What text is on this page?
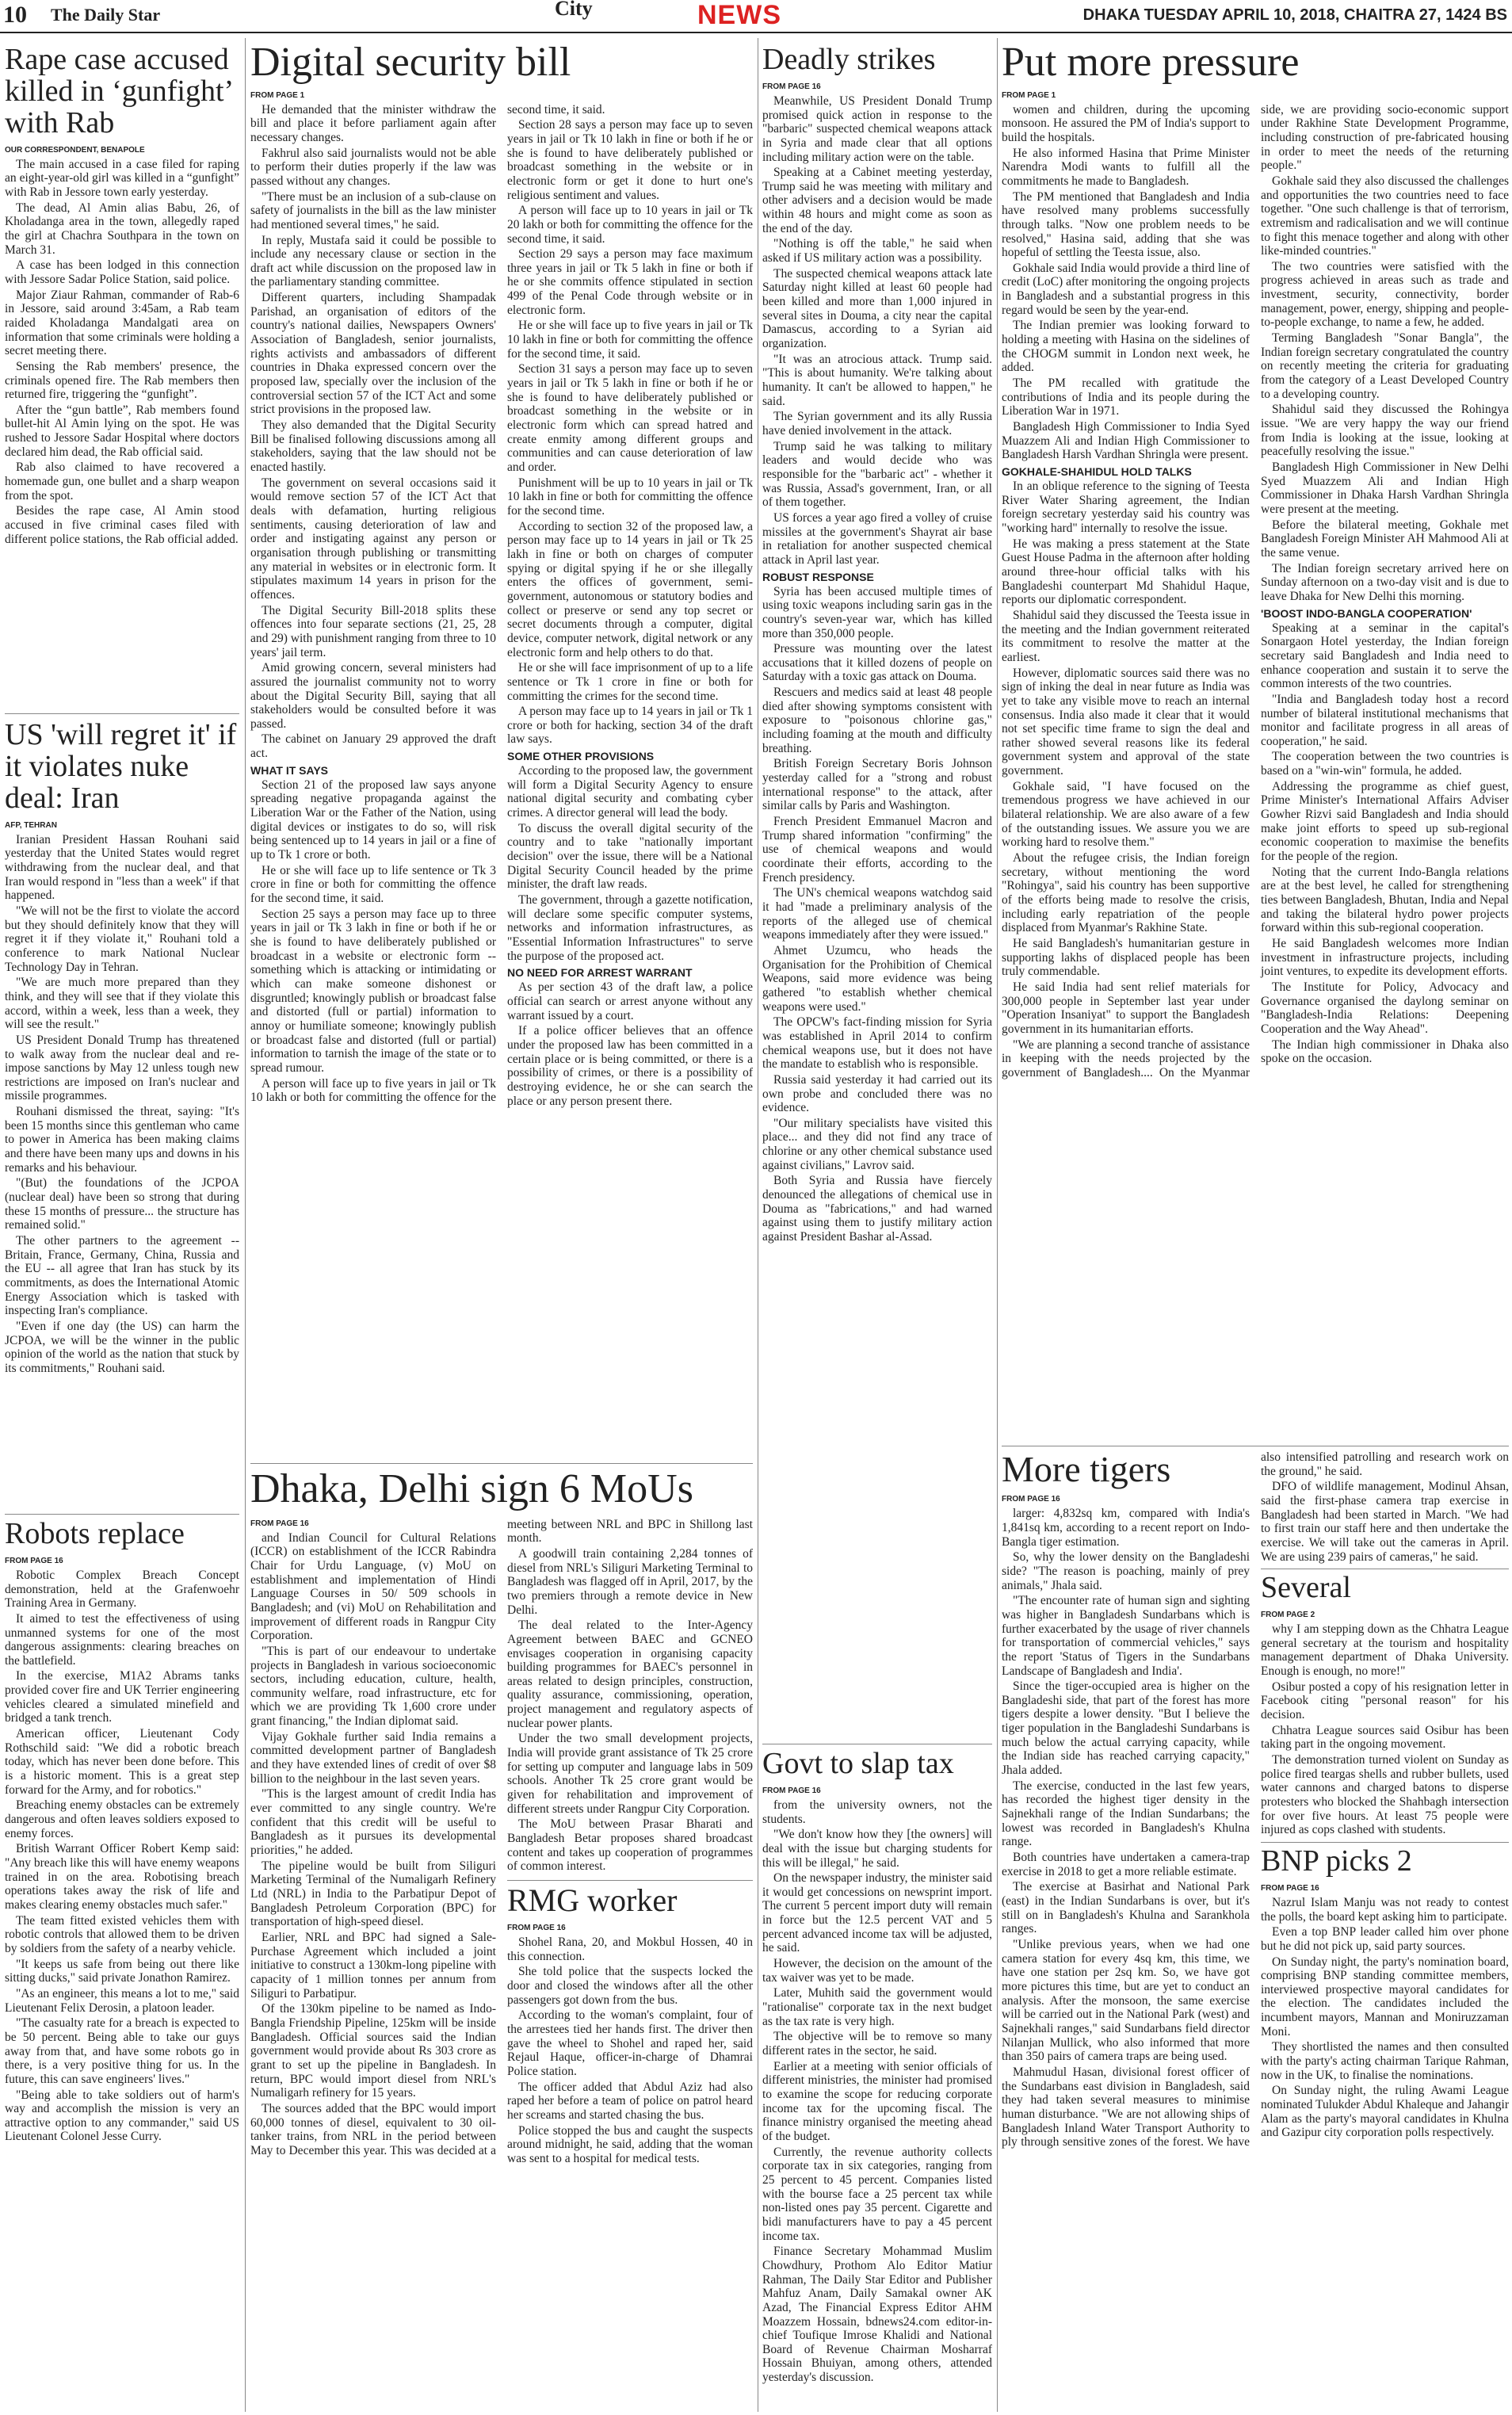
10 The Daily Star	City	NEWS	DHAKA TUESDAY APRIL 10, 2018, CHAITRA 27, 1424 BS
Rape case accused killed in ‘gunfight’ with Rab
OUR CORRESPONDENT, BENAPOLE

The main accused in a case filed for raping an eight-year-old girl was killed in a “gunfight” with Rab in Jessore town early yesterday.

The dead, Al Amin alias Babu, 26, of Kholadanga area in the town, allegedly raped the girl at Chachra Southpara in the town on March 31.

A case has been lodged in this connection with Jessore Sadar Police Station, said police.

Major Ziaur Rahman, commander of Rab-6 in Jessore, said around 3:45am, a Rab team raided Kholadanga Mandalgati area on information that some criminals were holding a secret meeting there.

Sensing the Rab members' presence, the criminals opened fire. The Rab members then returned fire, triggering the “gunfight”.

After the “gun battle”, Rab members found bullet-hit Al Amin lying on the spot. He was rushed to Jessore Sadar Hospital where doctors declared him dead, the Rab official said.

Rab also claimed to have recovered a homemade gun, one bullet and a sharp weapon from the spot.

Besides the rape case, Al Amin stood accused in five criminal cases filed with different police stations, the Rab official added.

US 'will regret it' if it violates nuke deal: Iran
AFP, TEHRAN

Iranian President Hassan Rouhani said yesterday that the United States would regret withdrawing from the nuclear deal, and that Iran would respond in "less than a week" if that happened.

"We will not be the first to violate the accord but they should definitely know that they will regret it if they violate it," Rouhani told a conference to mark National Nuclear Technology Day in Tehran.

"We are much more prepared than they think, and they will see that if they violate this accord, within a week, less than a week, they will see the result."

US President Donald Trump has threatened to walk away from the nuclear deal and re-impose sanctions by May 12 unless tough new restrictions are imposed on Iran's nuclear and missile programmes.

Rouhani dismissed the threat, saying: "It's been 15 months since this gentleman who came to power in America has been making claims and there have been many ups and downs in his remarks and his behaviour.

"(But) the foundations of the JCPOA (nuclear deal) have been so strong that during these 15 months of pressure... the structure has remained solid."

The other partners to the agreement -- Britain, France, Germany, China, Russia and the EU -- all agree that Iran has stuck by its commitments, as does the International Atomic Energy Association which is tasked with inspecting Iran's compliance.

"Even if one day (the US) can harm the JCPOA, we will be the winner in the public opinion of the world as the nation that stuck by its commitments," Rouhani said.

Robots replace
FROM PAGE 16

Robotic Complex Breach Concept demonstration, held at the Grafenwoehr Training Area in Germany.

It aimed to test the effectiveness of using unmanned systems for one of the most dangerous assignments: clearing breaches on the battlefield.

In the exercise, M1A2 Abrams tanks provided cover fire and UK Terrier engineering vehicles cleared a simulated minefield and bridged a tank trench.

American officer, Lieutenant Cody Rothschild said: "We did a robotic breach today, which has never been done before. This is a historic moment. This is a great step forward for the Army, and for robotics."

Breaching enemy obstacles can be extremely dangerous and often leaves soldiers exposed to enemy forces.

British Warrant Officer Robert Kemp said: "Any breach like this will have enemy weapons trained in on the area. Robotising breach operations takes away the risk of life and makes clearing enemy obstacles much safer."

The team fitted existed vehicles them with robotic controls that allowed them to be driven by soldiers from the safety of a nearby vehicle.

"It keeps us safe from being out there like sitting ducks," said private Jonathon Ramirez.

"As an engineer, this means a lot to me," said Lieutenant Felix Derosin, a platoon leader.

"The casualty rate for a breach is expected to be 50 percent. Being able to take our guys away from that, and have some robots go in there, is a very positive thing for us. In the future, this can save engineers' lives."

"Being able to take soldiers out of harm's way and accomplish the mission is very an attractive option to any commander," said US Lieutenant Colonel Jesse Curry.

Digital security bill
FROM PAGE 1

He demanded that the minister withdraw the bill and place it before parliament again after necessary changes.

Fakhrul also said journalists would not be able to perform their duties properly if the law was passed without any changes.

"There must be an inclusion of a sub-clause on safety of journalists in the bill as the law minister had mentioned several times," he said.

In reply, Mustafa said it could be possible to include any necessary clause or section in the draft act while discussion on the proposed law in the parliamentary standing committee.

Different quarters, including Shampadak Parishad, an organisation of editors of the country's national dailies, Newspapers Owners' Association of Bangladesh, senior journalists, rights activists and ambassadors of different countries in Dhaka expressed concern over the proposed law, specially over the inclusion of the controversial section 57 of the ICT Act and some strict provisions in the proposed law.

They also demanded that the Digital Security Bill be finalised following discussions among all stakeholders, saying that the law should not be enacted hastily.

The government on several occasions said it would remove section 57 of the ICT Act that deals with defamation, hurting religious sentiments, causing deterioration of law and order and instigating against any person or organisation through publishing or transmitting any material in websites or in electronic form. It stipulates maximum 14 years in prison for the offences.

The Digital Security Bill-2018 splits these offences into four separate sections (21, 25, 28 and 29) with punishment ranging from three to 10 years' jail term.

Amid growing concern, several ministers had assured the journalist community not to worry about the Digital Security Bill, saying that all stakeholders would be consulted before it was passed.

The cabinet on January 29 approved the draft act.

WHAT IT SAYS

Section 21 of the proposed law says anyone spreading negative propaganda against the Liberation War or the Father of the Nation, using digital devices or instigates to do so, will risk being sentenced up to 14 years in jail or a fine of up to Tk 1 crore or both.

He or she will face up to life sentence or Tk 3 crore in fine or both for committing the offence for the second time, it said.

Section 25 says a person may face up to three years in jail or Tk 3 lakh in fine or both if he or she is found to have deliberately published or broadcast in a website or electronic form -- something which is attacking or intimidating or which can make someone dishonest or disgruntled; knowingly publish or broadcast false and distorted (full or partial) information to annoy or humiliate someone; knowingly publish or broadcast false and distorted (full or partial) information to tarnish the image of the state or to spread rumour.

A person will face up to five years in jail or Tk 10 lakh or both for committing the offence for the second time, it said.

Section 28 says a person may face up to seven years in jail or Tk 10 lakh in fine or both if he or she is found to have deliberately published or broadcast something in the website or in electronic form or get it done to hurt one's religious sentiment and values.

A person will face up to 10 years in jail or Tk 20 lakh or both for committing the offence for the second time, it said.

Section 29 says a person may face maximum three years in jail or Tk 5 lakh in fine or both if he or she commits offence stipulated in section 499 of the Penal Code through website or in electronic form.

He or she will face up to five years in jail or Tk 10 lakh in fine or both for committing the offence for the second time, it said.

Section 31 says a person may face up to seven years in jail or Tk 5 lakh in fine or both if he or she is found to have deliberately published or broadcast something in the website or in electronic form which can spread hatred and create enmity among different groups and communities and can cause deterioration of law and order.

Punishment will be up to 10 years in jail or Tk 10 lakh in fine or both for committing the offence for the second time.

According to section 32 of the proposed law, a person may face up to 14 years in jail or Tk 25 lakh in fine or both on charges of computer spying or digital spying if he or she illegally enters the offices of government, semi-government, autonomous or statutory bodies and collect or preserve or send any top secret or secret documents through a computer, digital device, computer network, digital network or any electronic form and help others to do that.

He or she will face imprisonment of up to a life sentence or Tk 1 crore in fine or both for committing the crimes for the second time.

A person may face up to 14 years in jail or Tk 1 crore or both for hacking, section 34 of the draft law says.

SOME OTHER PROVISIONS

According to the proposed law, the government will form a Digital Security Agency to ensure national digital security and combating cyber crimes. A director general will lead the body.

To discuss the overall digital security of the country and to take "nationally important decision" over the issue, there will be a National Digital Security Council headed by the prime minister, the draft law reads.

The government, through a gazette notification, will declare some specific computer systems, networks and information infrastructures, as "Essential Information Infrastructures" to serve the purpose of the proposed act.

NO NEED FOR ARREST WARRANT

As per section 43 of the draft law, a police official can search or arrest anyone without any warrant issued by a court.

If a police officer believes that an offence under the proposed law has been committed in a certain place or is being committed, or there is a possibility of crimes, or there is a possibility of destroying evidence, he or she can search the place or any person present there.

Dhaka, Delhi sign 6 MoUs
FROM PAGE 16

and Indian Council for Cultural Relations (ICCR) on establishment of the ICCR Rabindra Chair for Urdu Language, (v) MoU on establishment and implementation of Hindi Language Courses in 50/ 509 schools in Bangladesh; and (vi) MoU on Rehabilitation and improvement of different roads in Rangpur City Corporation.

"This is part of our endeavour to undertake projects in Bangladesh in various socioeconomic sectors, including education, culture, health, community welfare, road infrastructure, etc for which we are providing Tk 1,600 crore under grant financing," the Indian diplomat said.

Vijay Gokhale further said India remains a committed development partner of Bangladesh and they have extended lines of credit of over $8 billion to the neighbour in the last seven years.

"This is the largest amount of credit India has ever committed to any single country. We're confident that this credit will be useful to Bangladesh as it pursues its developmental priorities," he added.

The pipeline would be built from Siliguri Marketing Terminal of the Numaligarh Refinery Ltd (NRL) in India to the Parbatipur Depot of Bangladesh Petroleum Corporation (BPC) for transportation of high-speed diesel.

Earlier, NRL and BPC had signed a Sale-Purchase Agreement which included a joint initiative to construct a 130km-long pipeline with capacity of 1 million tonnes per annum from Siliguri to Parbatipur.

Of the 130km pipeline to be named as Indo-Bangla Friendship Pipeline, 125km will be inside Bangladesh. Official sources said the Indian government would provide about Rs 303 crore as grant to set up the pipeline in Bangladesh. In return, BPC would import diesel from NRL's Numaligarh refinery for 15 years.

The sources added that the BPC would import 60,000 tonnes of diesel, equivalent to 30 oil-tanker trains, from NRL in the period between May to December this year. This was decided at a meeting between NRL and BPC in Shillong last month.

A goodwill train containing 2,284 tonnes of diesel from NRL's Siliguri Marketing Terminal to Bangladesh was flagged off in April, 2017, by the two premiers through a remote device in New Delhi.

The deal related to the Inter-Agency Agreement between BAEC and GCNEO envisages cooperation in organising capacity building programmes for BAEC's personnel in areas related to design principles, construction, quality assurance, commissioning, operation, project management and regulatory aspects of nuclear power plants.

Under the two small development projects, India will provide grant assistance of Tk 25 crore for setting up computer and language labs in 509 schools. Another Tk 25 crore grant would be given for rehabilitation and improvement of different streets under Rangpur City Corporation.

The MoU between Prasar Bharati and Bangladesh Betar proposes shared broadcast content and takes up cooperation of programmes of common interest.

RMG worker
FROM PAGE 16

Shohel Rana, 20, and Mokbul Hossen, 40 in this connection.

She told police that the suspects locked the door and closed the windows after all the other passengers got down from the bus.

According to the woman's complaint, four of the arrestees tied her hands first. The driver then gave the wheel to Shohel and raped her, said Rejaul Haque, officer-in-charge of Dhamrai Police station.

The officer added that Abdul Aziz had also raped her before a team of police on patrol heard her screams and started chasing the bus.

Police stopped the bus and caught the suspects around midnight, he said, adding that the woman was sent to a hospital for medical tests.

Deadly strikes
FROM PAGE 16

Meanwhile, US President Donald Trump promised quick action in response to the "barbaric" suspected chemical weapons attack in Syria and made clear that all options including military action were on the table.

Speaking at a Cabinet meeting yesterday, Trump said he was meeting with military and other advisers and a decision would be made within 48 hours and might come as soon as the end of the day.

"Nothing is off the table," he said when asked if US military action was a possibility.

The suspected chemical weapons attack late Saturday night killed at least 60 people had been killed and more than 1,000 injured in several sites in Douma, a city near the capital Damascus, according to a Syrian aid organization.

"It was an atrocious attack. Trump said. "This is about humanity. We're talking about humanity. It can't be allowed to happen," he said.

The Syrian government and its ally Russia have denied involvement in the attack.

Trump said he was talking to military leaders and would decide who was responsible for the "barbaric act" - whether it was Russia, Assad's government, Iran, or all of them together.

US forces a year ago fired a volley of cruise missiles at the government's Shayrat air base in retaliation for another suspected chemical attack in April last year.

ROBUST RESPONSE

Syria has been accused multiple times of using toxic weapons including sarin gas in the country's seven-year war, which has killed more than 350,000 people.

Pressure was mounting over the latest accusations that it killed dozens of people on Saturday with a toxic gas attack on Douma.

Rescuers and medics said at least 48 people died after showing symptoms consistent with exposure to "poisonous chlorine gas," including foaming at the mouth and difficulty breathing.

British Foreign Secretary Boris Johnson yesterday called for a "strong and robust international response" to the attack, after similar calls by Paris and Washington.

French President Emmanuel Macron and Trump shared information "confirming" the use of chemical weapons and would coordinate their efforts, according to the French presidency.

The UN's chemical weapons watchdog said it had "made a preliminary analysis of the reports of the alleged use of chemical weapons immediately after they were issued."

Ahmet Uzumcu, who heads the Organisation for the Prohibition of Chemical Weapons, said more evidence was being gathered "to establish whether chemical weapons were used."

The OPCW's fact-finding mission for Syria was established in April 2014 to confirm chemical weapons use, but it does not have the mandate to establish who is responsible.

Russia said yesterday it had carried out its own probe and concluded there was no evidence.

"Our military specialists have visited this place... and they did not find any trace of chlorine or any other chemical substance used against civilians," Lavrov said.

Both Syria and Russia have fiercely denounced the allegations of chemical use in Douma as "fabrications," and had warned against using them to justify military action against President Bashar al-Assad.

Govt to slap tax
FROM PAGE 16

from the university owners, not the students.

"We don't know how they [the owners] will deal with the issue but charging students for this will be illegal," he said.

On the newspaper industry, the minister said it would get concessions on newsprint import. The current 5 percent import duty will remain in force but the 12.5 percent VAT and 5 percent advanced income tax will be adjusted, he said.

However, the decision on the amount of the tax waiver was yet to be made.

Later, Muhith said the government would "rationalise" corporate tax in the next budget as the tax rate is very high.

The objective will be to remove so many different rates in the sector, he said.

Earlier at a meeting with senior officials of different ministries, the minister had promised to examine the scope for reducing corporate income tax for the upcoming fiscal. The finance ministry organised the meeting ahead of the budget.

Currently, the revenue authority collects corporate tax in six categories, ranging from 25 percent to 45 percent. Companies listed with the bourse face a 25 percent tax while non-listed ones pay 35 percent. Cigarette and bidi manufacturers have to pay a 45 percent income tax.

Finance Secretary Mohammad Muslim Chowdhury, Prothom Alo Editor Matiur Rahman, The Daily Star Editor and Publisher Mahfuz Anam, Daily Samakal owner AK Azad, The Financial Express Editor AHM Moazzem Hossain, bdnews24.com editor-in-chief Toufique Imrose Khalidi and National Board of Revenue Chairman Mosharraf Hossain Bhuiyan, among others, attended yesterday's discussion.

Put more pressure
FROM PAGE 1

women and children, during the upcoming monsoon. He assured the PM of India's support to build the hospitals.

He also informed Hasina that Prime Minister Narendra Modi wants to fulfill all the commitments he made to Bangladesh.

The PM mentioned that Bangladesh and India have resolved many problems successfully through talks. "Now one problem needs to be resolved," Hasina said, adding that she was hopeful of settling the Teesta issue, also.

Gokhale said India would provide a third line of credit (LoC) after monitoring the ongoing projects in Bangladesh and a substantial progress in this regard would be seen by the year-end.

The Indian premier was looking forward to holding a meeting with Hasina on the sidelines of the CHOGM summit in London next week, he added.

The PM recalled with gratitude the contributions of India and its people during the Liberation War in 1971.

Bangladesh High Commissioner to India Syed Muazzem Ali and Indian High Commissioner to Bangladesh Harsh Vardhan Shringla were present.

GOKHALE-SHAHIDUL HOLD TALKS

In an oblique reference to the signing of Teesta River Water Sharing agreement, the Indian foreign secretary yesterday said his country was "working hard" internally to resolve the issue.

He was making a press statement at the State Guest House Padma in the afternoon after holding around three-hour official talks with his Bangladeshi counterpart Md Shahidul Haque, reports our diplomatic correspondent.

Shahidul said they discussed the Teesta issue in the meeting and the Indian government reiterated its commitment to resolve the matter at the earliest.

However, diplomatic sources said there was no sign of inking the deal in near future as India was yet to take any visible move to reach an internal consensus. India also made it clear that it would not set specific time frame to sign the deal and rather showed several reasons like its federal government system and approval of the state government.

Gokhale said, "I have focused on the tremendous progress we have achieved in our bilateral relationship. We are also aware of a few of the outstanding issues. We assure you we are working hard to resolve them."

About the refugee crisis, the Indian foreign secretary, without mentioning the word "Rohingya", said his country has been supportive of the efforts being made to resolve the crisis, including early repatriation of the people displaced from Myanmar's Rakhine State.

He said Bangladesh's humanitarian gesture in supporting lakhs of displaced people has been truly commendable.

He said India had sent relief materials for 300,000 people in September last year under "Operation Insaniyat" to support the Bangladesh government in its humanitarian efforts.

"We are planning a second tranche of assistance in keeping with the needs projected by the government of Bangladesh.... On the Myanmar side, we are providing socio-economic support under Rakhine State Development Programme, including construction of pre-fabricated housing in order to meet the needs of the returning people."

Gokhale said they also discussed the challenges and opportunities the two countries need to face together. "One such challenge is that of terrorism, extremism and radicalisation and we will continue to fight this menace together and along with other like-minded countries."

The two countries were satisfied with the progress achieved in areas such as trade and investment, security, connectivity, border management, power, energy, shipping and people-to-people exchange, to name a few, he added.

Terming Bangladesh "Sonar Bangla", the Indian foreign secretary congratulated the country on recently meeting the criteria for graduating from the category of a Least Developed Country to a developing country.

Shahidul said they discussed the Rohingya issue. "We are very happy the way our friend from India is looking at the issue, looking at peacefully resolving the issue."

Bangladesh High Commissioner in New Delhi Syed Muazzem Ali and Indian High Commissioner in Dhaka Harsh Vardhan Shringla were present at the meeting.

Before the bilateral meeting, Gokhale met Bangladesh Foreign Minister AH Mahmood Ali at the same venue.

The Indian foreign secretary arrived here on Sunday afternoon on a two-day visit and is due to leave Dhaka for New Delhi this morning.

'BOOST INDO-BANGLA COOPERATION'

Speaking at a seminar in the capital's Sonargaon Hotel yesterday, the Indian foreign secretary said Bangladesh and India need to enhance cooperation and sustain it to serve the common interests of the two countries.

"India and Bangladesh today host a record number of bilateral institutional mechanisms that monitor and facilitate progress in all areas of cooperation," he said.

The cooperation between the two countries is based on a "win-win" formula, he added.

Addressing the programme as chief guest, Prime Minister's International Affairs Adviser Gowher Rizvi said Bangladesh and India should make joint efforts to speed up sub-regional economic cooperation to maximise the benefits for the people of the region.

Noting that the current Indo-Bangla relations are at the best level, he called for strengthening ties between Bangladesh, Bhutan, India and Nepal and taking the bilateral hydro power projects forward within this sub-regional cooperation.

He said Bangladesh welcomes more Indian investment in infrastructure projects, including joint ventures, to expedite its development efforts.

The Institute for Policy, Advocacy and Governance organised the daylong seminar on "Bangladesh-India Relations: Deepening Cooperation and the Way Ahead".

The Indian high commissioner in Dhaka also spoke on the occasion.

More tigers
FROM PAGE 16

larger: 4,832sq km, compared with India's 1,841sq km, according to a recent report on Indo-Bangla tiger estimation.

So, why the lower density on the Bangladeshi side? "The reason is poaching, mainly of prey animals," Jhala said.

"The encounter rate of human sign and sighting was higher in Bangladesh Sundarbans which is further exacerbated by the usage of river channels for transportation of commercial vehicles," says the report 'Status of Tigers in the Sundarbans Landscape of Bangladesh and India'.

Since the tiger-occupied area is higher on the Bangladeshi side, that part of the forest has more tigers despite a lower density. "But I believe the tiger population in the Bangladeshi Sundarbans is much below the actual carrying capacity, while the Indian side has reached carrying capacity," Jhala added.

The exercise, conducted in the last few years, has recorded the highest tiger density in the Sajnekhali range of the Indian Sundarbans; the lowest was recorded in Bangladesh's Khulna range.

Both countries have undertaken a camera-trap exercise in 2018 to get a more reliable estimate.

The exercise at Basirhat and National Park (east) in the Indian Sundarbans is over, but it's still on in Bangladesh's Khulna and Sarankhola ranges.

"Unlike previous years, when we had one camera station for every 4sq km, this time, we have one station per 2sq km. So, we have got more pictures this time, but are yet to conduct an analysis. After the monsoon, the same exercise will be carried out in the National Park (west) and Sajnekhali ranges," said Sundarbans field director Nilanjan Mullick, who also informed that more than 350 pairs of camera traps are being used.

Mahmudul Hasan, divisional forest officer of the Sundarbans east division in Bangladesh, said they had taken several measures to minimise human disturbance. "We are not allowing ships of Bangladesh Inland Water Transport Authority to ply through sensitive zones of the forest. We have also intensified patrolling and research work on the ground," he said.

DFO of wildlife management, Modinul Ahsan, said the first-phase camera trap exercise in Bangladesh had been started in March. "We had to first train our staff here and then undertake the exercise. We will take out the cameras in April. We are using 239 pairs of cameras," he said.

Several
FROM PAGE 2

why I am stepping down as the Chhatra League general secretary at the tourism and hospitality management department of Dhaka University. Enough is enough, no more!"

Osibur posted a copy of his resignation letter in Facebook citing "personal reason" for his decision.

Chhatra League sources said Osibur has been taking part in the ongoing movement.

The demonstration turned violent on Sunday as police fired teargas shells and rubber bullets, used water cannons and charged batons to disperse protesters who blocked the Shahbagh intersection for over five hours. At least 75 people were injured as cops clashed with students.

BNP picks 2
FROM PAGE 16

Nazrul Islam Manju was not ready to contest the polls, the board kept asking him to participate.

Even a top BNP leader called him over phone but he did not pick up, said party sources.

On Sunday night, the party's nomination board, comprising BNP standing committee members, interviewed prospective mayoral candidates for the election. The candidates included the incumbent mayors, Mannan and Moniruzzaman Moni.

They shortlisted the names and then consulted with the party's acting chairman Tarique Rahman, now in the UK, to finalise the nominations.

On Sunday night, the ruling Awami League nominated Tulukder Abdul Khaleque and Jahangir Alam as the party's mayoral candidates in Khulna and Gazipur city corporation polls respectively.
